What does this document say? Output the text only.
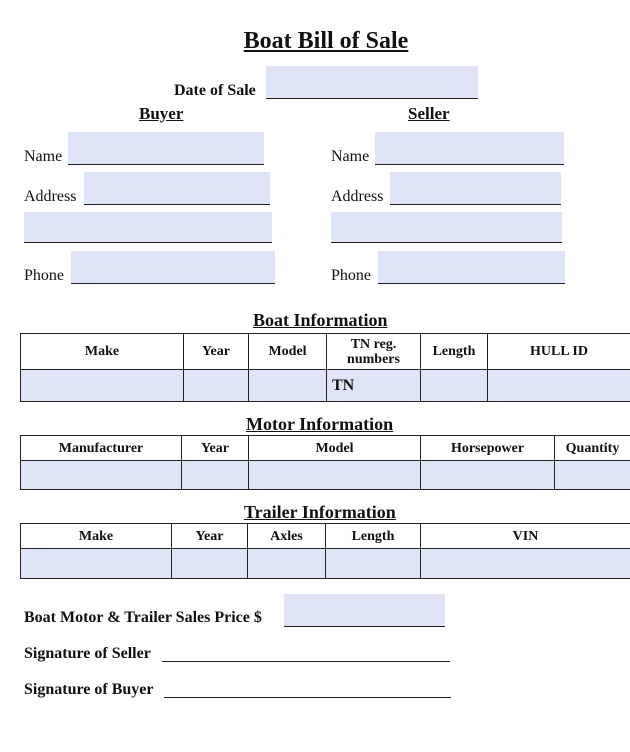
Boat Bill of Sale
Date of Sale
Buyer	Seller
Name
Address
Phone
Name
Address
Phone
Boat Information
Make	Year	Model	TN reg. numbers	Length	HULL ID
			TN		
Motor Information
Manufacturer	Year	Model	Horsepower	Quantity

Trailer Information
Make	Year	Axles	Length	VIN

Boat Motor & Trailer Sales Price $
Signature of Seller
Signature of Buyer
